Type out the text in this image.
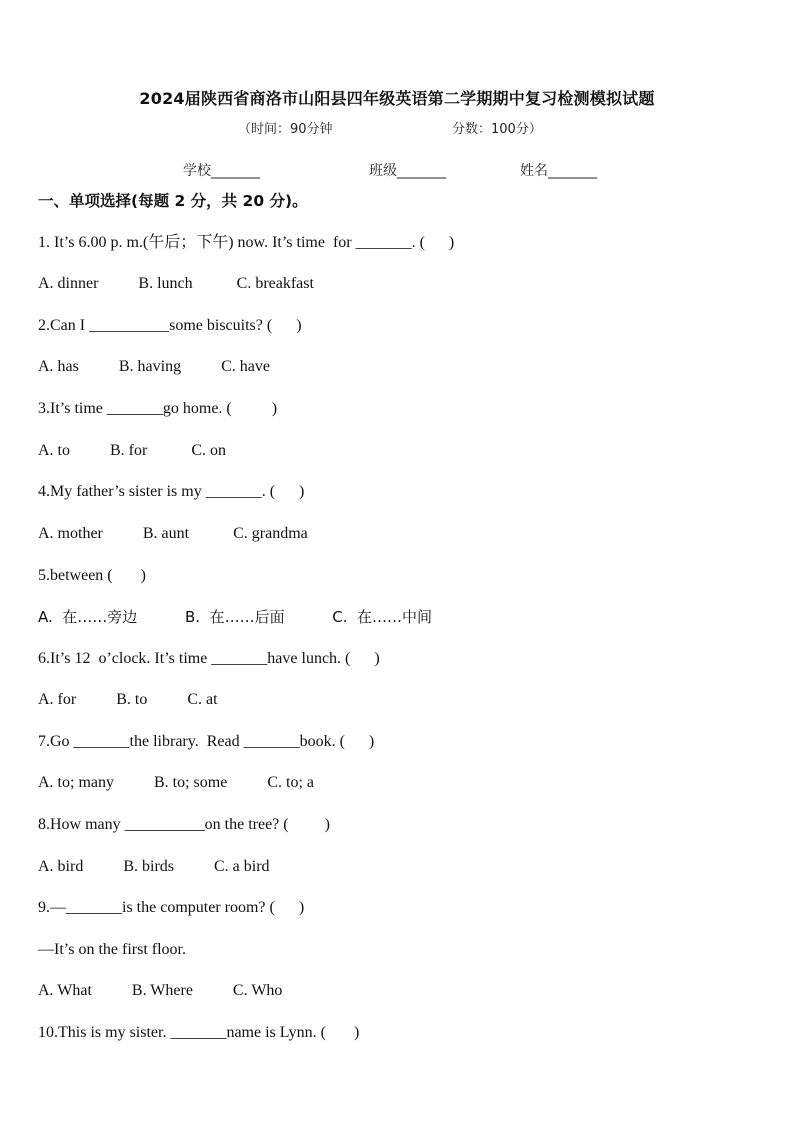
2024届陕西省商洛市山阳县四年级英语第二学期期中复习检测模拟试题
（时间：90分钟	分数：100分）
学校_______	班级_______	姓名_______
一、单项选择(每题 2 分，共 20 分)。
1. It’s 6.00 p. m.(午后；下午) now. It’s time  for _______. (      )
A. dinner          B. lunch           C. breakfast
2.Can I __________some biscuits? (      )
A. has          B. having          C. have
3.It’s time _______go home. (          )
A. to          B. for           C. on
4.My father’s sister is my _______. (      )
A. mother          B. aunt           C. grandma
5.between (       )
A.  在……旁边          B.  在……后面          C.  在……中间
6.It’s 12  o’clock. It’s time _______have lunch. (      )
A. for          B. to          C. at
7.Go _______the library.  Read _______book. (      )
A. to; many          B. to; some          C. to; a
8.How many __________on the tree? (         )
A. bird          B. birds          C. a bird
9.—_______is the computer room? (      )
—It’s on the first floor.
A. What          B. Where          C. Who
10.This is my sister. _______name is Lynn. (       )
